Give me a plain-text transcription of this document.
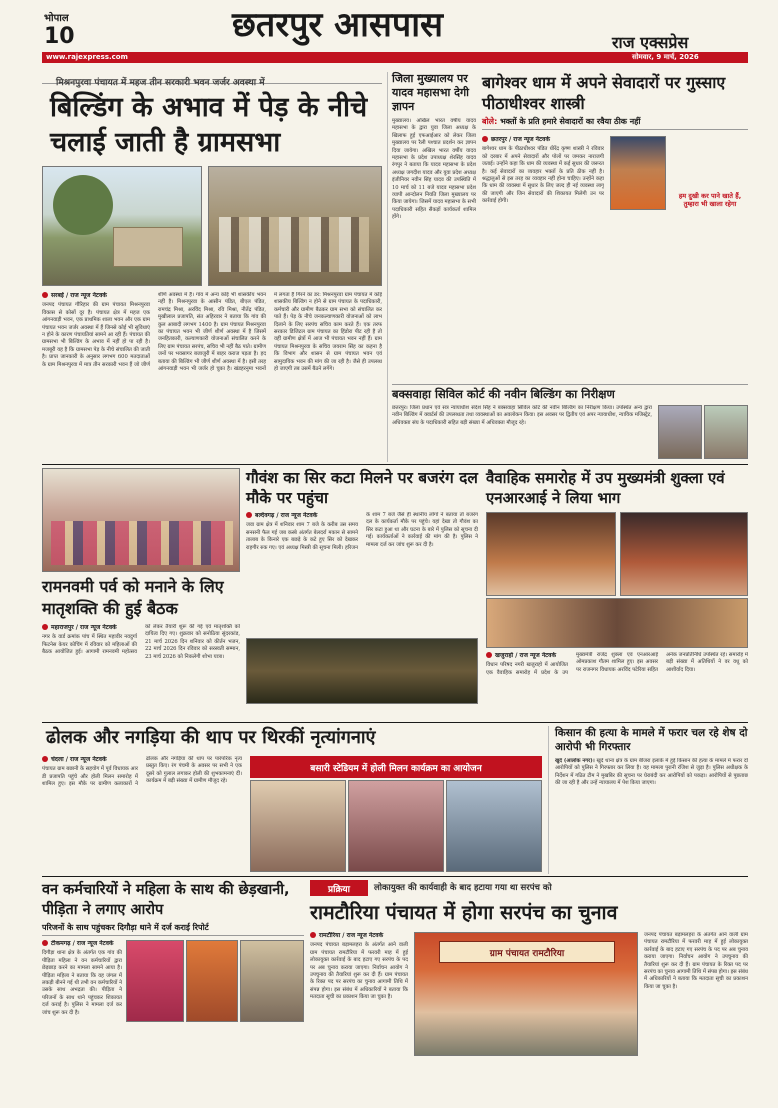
भोपाल
10	छतरपुर आसपास	राज एक्सप्रेस
www.rajexpress.com	सोमवार, 9 मार्च, 2026
मिश्रनपुरवा पंचायत में महज तीन सरकारी भवन जर्जर अवस्था में
बिल्डिंग के अभाव में पेड़ के नीचे चलाई जाती है ग्रामसभा
सरबई / राज न्यूज नेटवर्क
जनपद पंचायत गौरिहार की ग्राम पंचायत मिश्रनपुरवा विकास से कोसों दूर है। पंचायत क्षेत्र में महज एक आंगनवाड़ी भवन, एक प्राथमिक शाला भवन और एक ग्राम पंचायत भवन जर्जर अवस्था में हैं जिनसे कोई भी सुविधाएं न होने के कारण पंचायतियां सामने आ रही हैं। पंचायत की ग्रामसभा भी बिल्डिंग के अभाव में नहीं हो पा रही है। मजबूरी यह है कि ग्रामसभा पेड़ के नीचे संचालित की जाती है। प्राप्त जानकारी के अनुसार लगभग 600 मतदाताओं के ग्राम मिश्रनपुरवा में मात्र तीन सरकारी भवन हैं जो जीर्ण शीर्ण अवस्था में हैं। गांव में अन्य कोई भी शासकीय भवन नहीं है। मिश्रनपुरवा के आसीन पंडित, बीएल पंडित, रामचंद्र मिश्रा, अरविंद मिश्रा, रवि मिश्रा, नीतेंद्र पंडित, मुखीलाल प्रजापति, संत अहिरवार ने बताया कि गांव की कुल आबादी लगभग 1400 है। ग्राम पंचायत मिश्रनपुरवा का पंचायत भवन भी जीर्ण शीर्ण अवस्था में है जिसमें जनहितकारी, कल्याणकारी योजनाओं संचालित करने के लिए ग्राम पंचायत सरपंच, सचिव भी नहीं बैठ पाते। ग्रामीण जनों पर भवसागर बजाजुरी में बाहर कराज पड़ता है। हद बताया की बिल्डिंग भी जीर्ण शीर्ण अवस्था में है। इसी तरह आंगनवाड़ी भवन भी जर्जर हो चुका है। खंडहरनुमा भवनों में लगता है गिरने का डर: मिश्रनपुरवा ग्राम पंचायत में कोई शासकीय बिल्डिंग न होने से ग्राम पंचायत के पदाधिकारी, कर्मचारी और ग्रामीण बैठकर ग्राम सभा को संचालित कर पाते हैं। पेड़ के नीचे जनकल्याणकारी योजनाओं को लाभ दिलाने के लिए सरपंच सचिव काम करते हैं। एक तरफ सरकार डिजिटल ग्राम पंचायत का हिंडोरा पीट रही है तो वहीं ग्रामीण क्षेत्रों में आज भी पंचायत भवन नहीं हैं। ग्राम पंचायत मिश्रनपुरवा के सचिव जयराम सिंह का कहना है कि विभाग और शासन से ग्राम पंचायत भवन एवं सामुदायिक भवन की मांग की जा रही है। जैसे ही उपलब्ध हो जाएगी तब उसमें बैठने लगेंगे।
जिला मुख्यालय पर यादव महासभा देगी ज्ञापन
मुख्यालय। अखिल भारत वर्षीय यादव महासभा के द्वारा युवा जिला अध्यक्ष के खिलाफ हुई एफआईआर को लेकर जिला मुख्यालय पर रैली पश्चात प्रदर्शन कर ज्ञापन दिया जायेगा। अखिल भारत वर्षीय यादव महासभा के प्रदेश उपाध्यक्ष शेरसिंह यादव रंगपुर ने बताया कि यादव महासभा के प्रदेश अध्यक्ष जगदीश यादव और युवा प्रदेश अध्यक्ष इंजीनियर नवीन सिंह यादव की उपस्थिति में 10 मार्च को 11 बजे यादव महासभा प्रदेश व्यापी आन्दोलन नियति जिला मुख्यालय पर किया जायेगा। जिसमें यादव महासभा के सभी पदाधिकारी सहित सैकड़ों कार्यकर्ता शामिल होंगे।
बागेश्वर धाम में अपने सेवादारों पर गुस्साए पीठाधीश्वर शास्त्री
बोले: भक्तों के प्रति हमारे सेवादारों का रवैया ठीक नहीं
छतरपुर / राज न्यूज नेटवर्क
बागेश्वर धाम के पीठाधीश्वर पंडित धीरेंद्र कृष्ण शास्त्री ने रविवार को दरबार में अपने सेवादारों और पोलों पर जमकर नाराजगी जताई। उन्होंने कहा कि धाम की व्यवस्था में कई सुधार की जरूरत है। कई सेवादारों का व्यवहार भक्तों के प्रति ठीक नहीं है। श्रद्धालुओं से इस तरह का व्यवहार नहीं होना चाहिए। उन्होंने कहा कि धाम की व्यवस्था में सुधार के लिए जल्द ही नई व्यवस्था लागू की जाएगी और जिन सेवादारों की शिकायत मिलेगी उन पर कार्रवाई होगी।
हम दुखी कर पाने खाते हैं, तुम्हारा भी खाला रहेगा
बक्सवाहा सिविल कोर्ट की नवीन बिल्डिंग का निरीक्षण
छतरपुर। जिला प्रधान एवं सत्र न्यायाधीश संदेश सिंह ने बक्सवाहा सिविल कोर्ट की नवीन बिल्डिंग का निरीक्षण किया। उपस्थित अन्य द्वारा नवीन बिल्डिंग में क्वार्टर्स की उपलब्धता तथा व्यवस्थाओं का अवलोकन किया। इस अवसर पर द्वितीय एवं अपर न्यायाधीश, न्यायिक मजिस्ट्रेट, अधिवक्ता संघ के पदाधिकारी सहित बड़ी संख्या में अधिवक्ता मौजूद रहे।
गौवंश का सिर कटा मिलने पर बजरंग दल मौके पर पहुंचा
बल्देवगढ़ / राज न्यूज नेटवर्क
जवा ग्राम क्षेत्र में शनिवार शाम 7 बजे के करीब उस समय सनसनी फैल गई जब कस्बे अंतर्गत बेलदर्रा मकान से सामने तालाब के किनारे एक बछड़े के कटे हुए सिर को देखकर राहगीर रुक गए। एवं अध्यक्ष मिस्त्री की सूचना मिली। हरिजन के शाम 7 बजे जैसे ही स्थानीय लोगों ने बताया तो बजरंग दल के कार्यकर्ता मौके पर पहुंचे। यहां देखा तो गौवंश का सिर कटा हुआ था और घटना के बारे में पुलिस को सूचना दी गई। कार्यकर्ताओं ने कार्रवाई की मांग की है। पुलिस ने मामला दर्ज कर जांच शुरू कर दी है।
रामनवमी पर्व को मनाने के लिए मातृशक्ति की हुई बैठक
महाराजपुर / राज न्यूज नेटवर्क
नगर के वार्ड क्रमांक पांच में स्थित महावीर नवदुर्गा फिटनेस केयर कोचिंग में रविवार को महिलाओं की बैठक आयोजित हुई। आगामी रामनवमी महोत्सव को लेकर तैयारी शुरू की गई एवं मातृशक्ति को दायित्व दिए गए। शुक्रवार को सनोठिया सुंदरकांड, 21 मार्च 2026 दिन शनिवार को कीर्तन भजन, 22 मार्च 2026 दिन रविवार को सरस्वती सम्मान, 23 मार्च 2026 को निकलेगी शोभा यात्रा।
वैवाहिक समारोह में उप मुख्यमंत्री शुक्ला एवं एनआरआई ने लिया भाग
खजुराहो / राज न्यूज नेटवर्क
विधान परिषद नगरी खजुराहो में आयोजित एक वैवाहिक समारोह में प्रदेश के उप मुख्यमंत्री राजेंद्र शुक्ला एवं एनआरआई ओमप्रकाश गौतम शामिल हुए। इस अवसर पर राजनगर विधायक अरविंद पटेरिया सहित अनेक जनप्रतिनिधि उपस्थित रहे। समारोह में बड़ी संख्या में अतिथियों ने वर वधू को आशीर्वाद दिया।
ढोलक और नगड़िया की थाप पर थिरकीं नृत्यांगनाएं
चंदला / राज न्यूज नेटवर्क
पंचायत ग्राम बछानी के सहयोग में पूर्व विधायक आर डी प्रजापति पहुंचे और होली मिलन समारोह में शामिल हुए। इस मौके पर ग्रामीण कलाकारों ने ढोलक और नगड़िया की थाप पर पारंपरिक नृत्य प्रस्तुत किए। रंग पंचमी के अवसर पर सभी ने एक दूसरे को गुलाल लगाकर होली की शुभकामनाएं दीं। कार्यक्रम में बड़ी संख्या में ग्रामीण मौजूद रहे।
बसारी स्टेडियम में होली मिलन कार्यक्रम का आयोजन
किसान की हत्या के मामले में फरार चल रहे शेष दो आरोपी भी गिरफ्तार
खुर्द (आलोक नगर)। खुर्द थाना क्षेत्र के ग्राम बीजरा इलाके में हुई किसान की हत्या के मामले में फरार दो आरोपियों को पुलिस ने गिरफ्तार कर लिया है। यह मामला पुरानी रंजिश से जुड़ा है। पुलिस अधीक्षक के निर्देशन में गठित टीम ने मुखबिर की सूचना पर घेराबंदी कर आरोपियों को पकड़ा। आरोपियों से पूछताछ की जा रही है और उन्हें न्यायालय में पेश किया जाएगा।
वन कर्मचारियों ने महिला के साथ की छेड़खानी, पीड़िता ने लगाए आरोप
परिजनों के साथ पहुंचकर दिगौड़ा थाने में दर्ज कराई रिपोर्ट
टीकमगढ़ / राज न्यूज नेटवर्क
दिगौड़ा थाना क्षेत्र के अंतर्गत एक गांव की पीड़िता महिला ने वन कर्मचारियों द्वारा छेड़छाड़ करने का मामला सामने आया है। पीड़िता महिला ने बताया कि वह जंगल में लकड़ी बीनने गई थी तभी वन कर्मचारियों ने उसके साथ अभद्रता की। पीड़िता ने परिजनों के साथ थाने पहुंचकर शिकायत दर्ज कराई है। पुलिस ने मामला दर्ज कर जांच शुरू कर दी है।
प्रक्रिया	लोकायुक्त की कार्यवाही के बाद हटाया गया था सरपंच को
रामटौरिया पंचायत में होगा सरपंच का चुनाव
रामटौरिया / राज न्यूज नेटवर्क
जनपद पंचायत बड़ामलहरा के अंतर्गत आने वाली ग्राम पंचायत रामटौरिया में फरवरी माह में हुई लोकायुक्त कार्रवाई के बाद हटाए गए सरपंच के पद पर अब चुनाव कराया जाएगा। निर्वाचन आयोग ने उपचुनाव की तैयारियां शुरू कर दी हैं। ग्राम पंचायत के रिक्त पद पर सरपंच का चुनाव आगामी तिथि में संपन्न होगा। इस संबंध में अधिकारियों ने बताया कि मतदाता सूची का प्रकाशन किया जा चुका है।
ग्राम पंचायत रामटौरिया
जनपद पंचायत बड़ामलहरा के अंतर्गत आने वाली ग्राम पंचायत रामटौरिया में फरवरी माह में हुई लोकायुक्त कार्रवाई के बाद हटाए गए सरपंच के पद पर अब चुनाव कराया जाएगा। निर्वाचन आयोग ने उपचुनाव की तैयारियां शुरू कर दी हैं। ग्राम पंचायत के रिक्त पद पर सरपंच का चुनाव आगामी तिथि में संपन्न होगा। इस संबंध में अधिकारियों ने बताया कि मतदाता सूची का प्रकाशन किया जा चुका है।
